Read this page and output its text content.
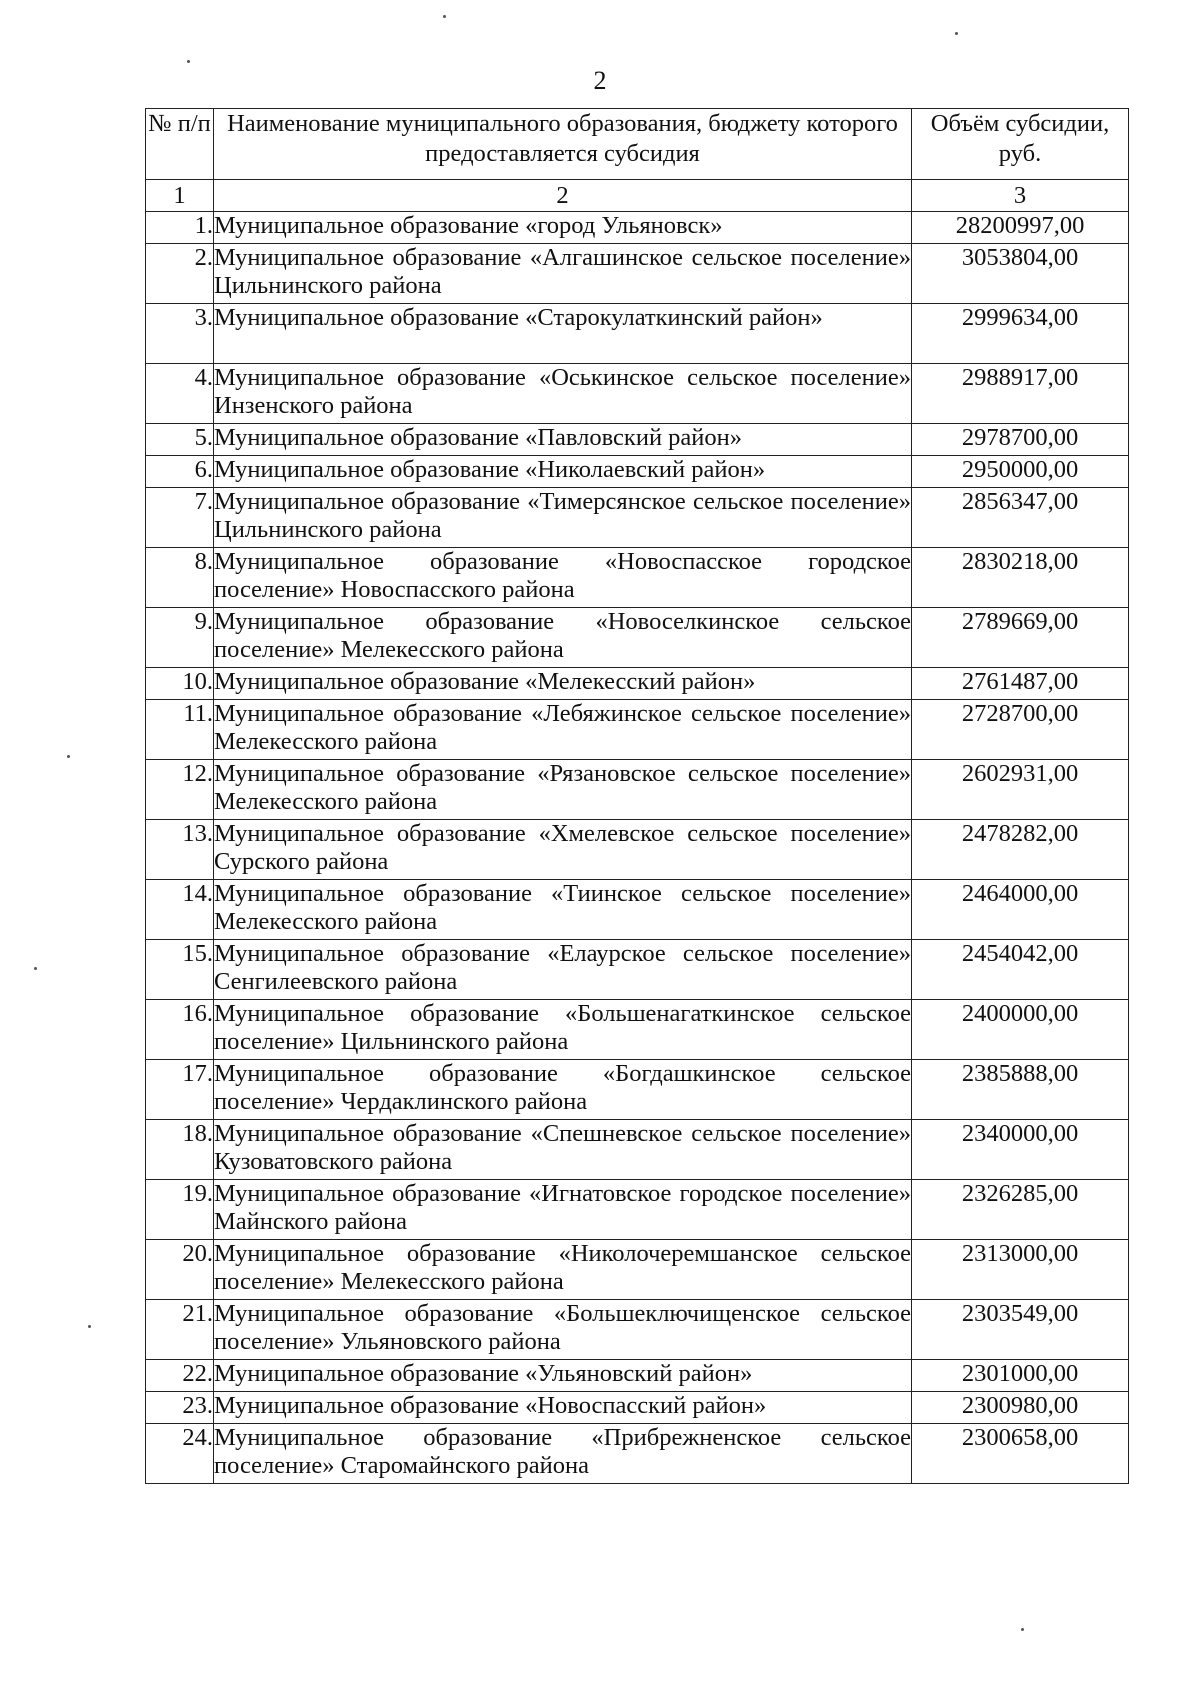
2
№ п/п	Наименование муниципального образования, бюджету которого предоставляется субсидия	Объём субсидии, руб.
1	2	3
1.	Муниципальное образование «город Ульяновск»	28200997,00
2.	Муниципальное образование «Алгашинское сельское поселение» Цильнинского района	3053804,00
3.	Муниципальное образование «Старокулаткинский район»	2999634,00
4.	Муниципальное образование «Оськинское сельское поселение» Инзенского района	2988917,00
5.	Муниципальное образование «Павловский район»	2978700,00
6.	Муниципальное образование «Николаевский район»	2950000,00
7.	Муниципальное образование «Тимерсянское сельское поселение» Цильнинского района	2856347,00
8.	Муниципальное образование «Новоспасское городское поселение» Новоспасского района	2830218,00
9.	Муниципальное образование «Новоселкинское сельское поселение» Мелекесского района	2789669,00
10.	Муниципальное образование «Мелекесский район»	2761487,00
11.	Муниципальное образование «Лебяжинское сельское поселение» Мелекесского района	2728700,00
12.	Муниципальное образование «Рязановское сельское поселение» Мелекесского района	2602931,00
13.	Муниципальное образование «Хмелевское сельское поселение» Сурского района	2478282,00
14.	Муниципальное образование «Тиинское сельское поселение» Мелекесского района	2464000,00
15.	Муниципальное образование «Елаурское сельское поселение» Сенгилеевского района	2454042,00
16.	Муниципальное образование «Большенагаткинское сельское поселение» Цильнинского района	2400000,00
17.	Муниципальное образование «Богдашкинское сельское поселение» Чердаклинского района	2385888,00
18.	Муниципальное образование «Спешневское сельское поселение» Кузоватовского района	2340000,00
19.	Муниципальное образование «Игнатовское городское поселение» Майнского района	2326285,00
20.	Муниципальное образование «Николочеремшанское сельское поселение» Мелекесского района	2313000,00
21.	Муниципальное образование «Большеключищенское сельское поселение» Ульяновского района	2303549,00
22.	Муниципальное образование «Ульяновский район»	2301000,00
23.	Муниципальное образование «Новоспасский район»	2300980,00
24.	Муниципальное образование «Прибрежненское сельское поселение» Старомайнского района	2300658,00
